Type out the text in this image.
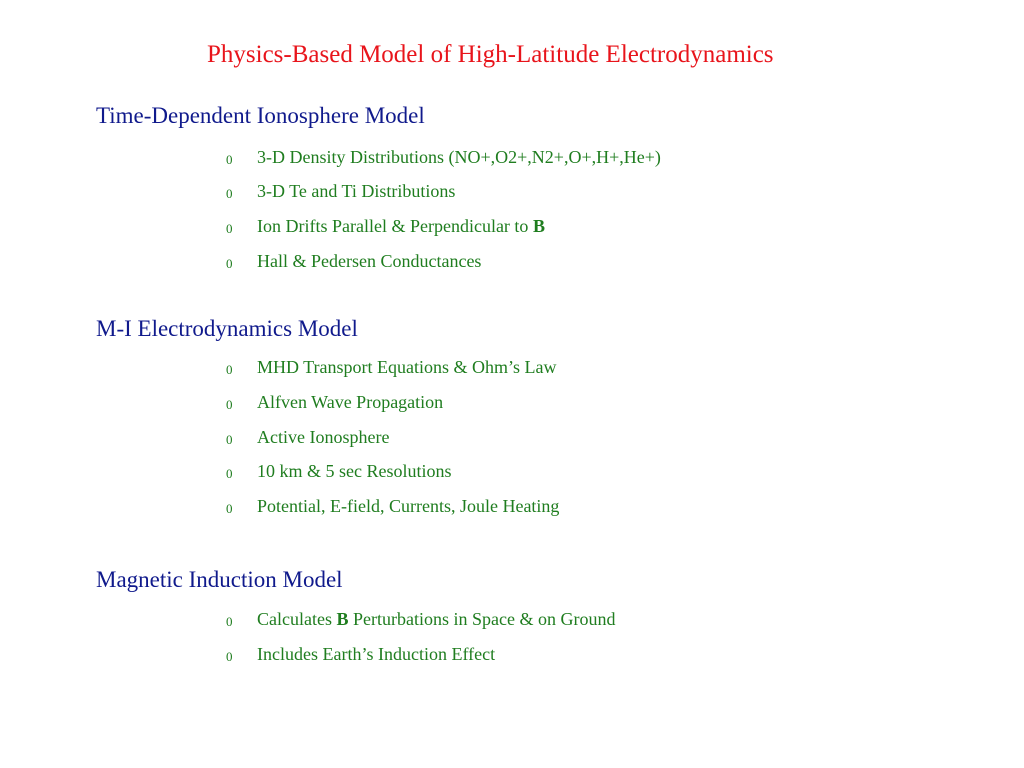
Physics-Based Model of High-Latitude Electrodynamics
Time-Dependent Ionosphere Model
0 3-D Density Distributions (NO+,O2+,N2+,O+,H+,He+)
0 3-D Te and Ti Distributions
0 Ion Drifts Parallel & Perpendicular to B
0 Hall & Pedersen Conductances
M-I Electrodynamics Model
0 MHD Transport Equations & Ohm’s Law
0 Alfven Wave Propagation
0 Active Ionosphere
0 10 km & 5 sec Resolutions
0 Potential, E-field, Currents, Joule Heating
Magnetic Induction Model
0 Calculates B Perturbations in Space & on Ground
0 Includes Earth’s Induction Effect
